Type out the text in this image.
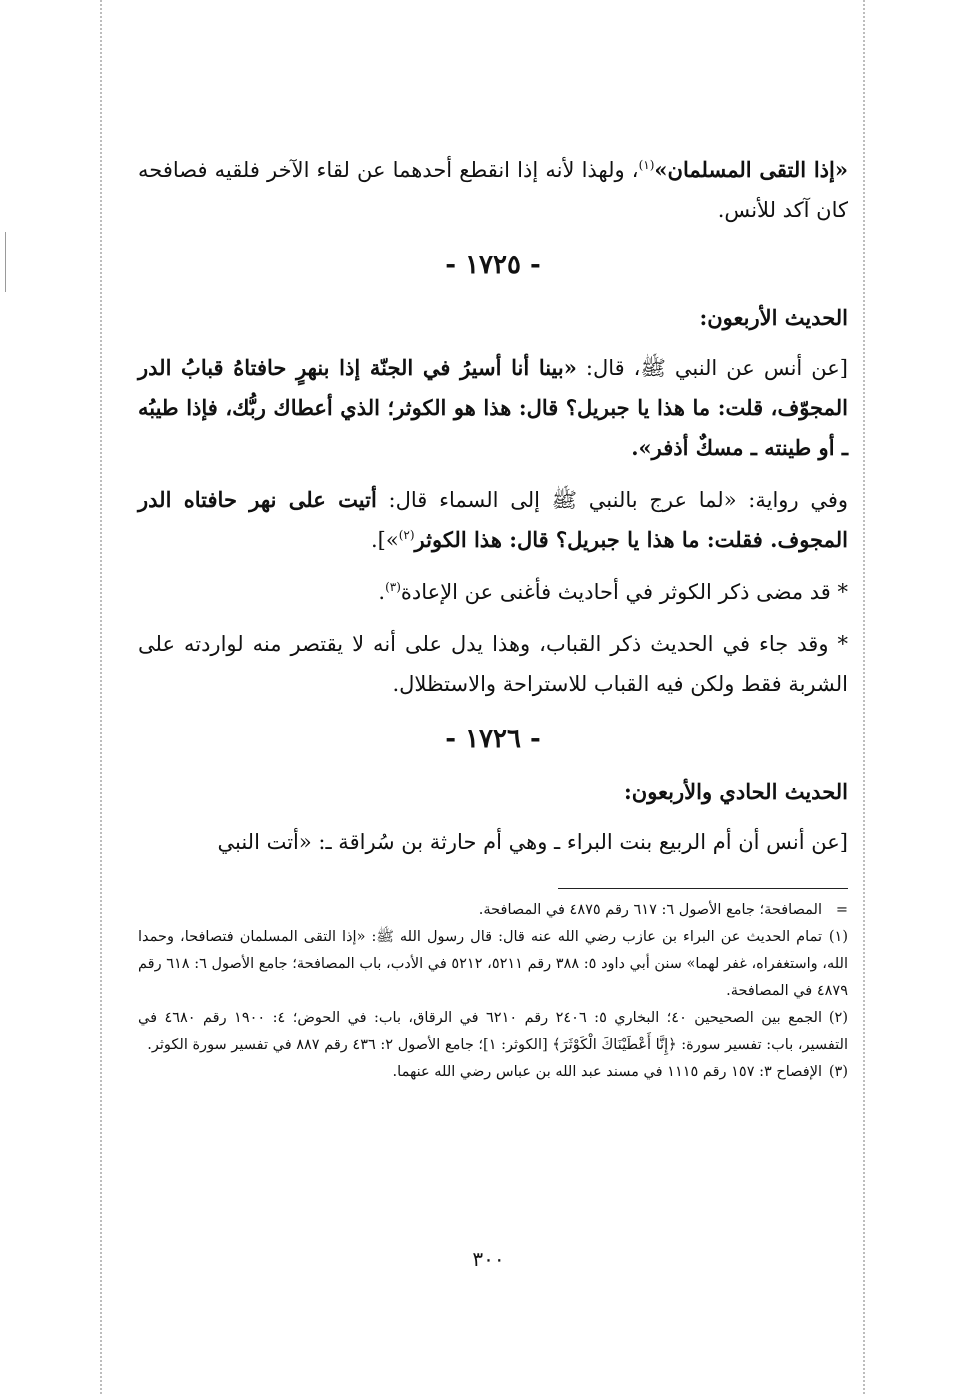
«إذا التقى المسلمان»$^{(١)}$، ولهذا لأنه إذا انقطع أحدهما عن لقاء الآخر فلقيه فصافحه كان آكد للأنس.

- ١٧٢٥ -
الحديث الأربعون:

[عن أنس عن النبي ﷺ، قال: «بينا أنا أسيرُ في الجنّة إذا بنهرٍ حافتاهُ قبابُ الدر المجوّف، قلت: ما هذا يا جبريل؟ قال: هذا هو الكوثر؛ الذي أعطاك ربُّك، فإذا طيبُه ـ أو طينته ـ مسكٌ أذفر».

وفي رواية: «لما عرج بالنبي ﷺ إلى السماء قال: أتيت على نهر حافتاه الدر المجوف. فقلت: ما هذا يا جبريل؟ قال: هذا الكوثر$^{(٢)}$»].

* قد مضى ذكر الكوثر في أحاديث فأغنى عن الإعادة$^{(٣)}$.

* وقد جاء في الحديث ذكر القباب، وهذا يدل على أنه لا يقتصر منه لواردته على الشربة فقط ولكن فيه القباب للاستراحة والاستظلال.

- ١٧٢٦ -
الحديث الحادي والأربعون:

[عن أنس أن أم الربيع بنت البراء ـ وهي أم حارثة بن سُراقة ـ: «أتت النبي

=المصافحة؛ جامع الأصول ٦: ٦١٧ رقم ٤٨٧٥ في المصافحة.

(١)تمام الحديث عن البراء بن عازب رضي الله عنه قال: قال رسول الله ﷺ: «إذا التقى المسلمان فتصافحا، وحمدا الله، واستغفراه، غفر لهما» سنن أبي داود ٥: ٣٨٨ رقم ٥٢١١، ٥٢١٢ في الأدب، باب المصافحة؛ جامع الأصول ٦: ٦١٨ رقم ٤٨٧٩ في المصافحة.

(٢)الجمع بين الصحيحين ٤٠؛ البخاري ٥: ٢٤٠٦ رقم ٦٢١٠ في الرقاق، باب: في الحوض؛ ٤: ١٩٠٠ رقم ٤٦٨٠ في التفسير، باب: تفسير سورة: ﴿إِنَّا أَعْطَيْنَاكَ الْكَوْثَرَ﴾ [الكوثر: ١]؛ جامع الأصول ٢: ٤٣٦ رقم ٨٨٧ في تفسير سورة الكوثر.

(٣)الإفصاح ٣: ١٥٧ رقم ١١١٥ في مسند عبد الله بن عباس رضي الله عنهما.

٣٠٠
